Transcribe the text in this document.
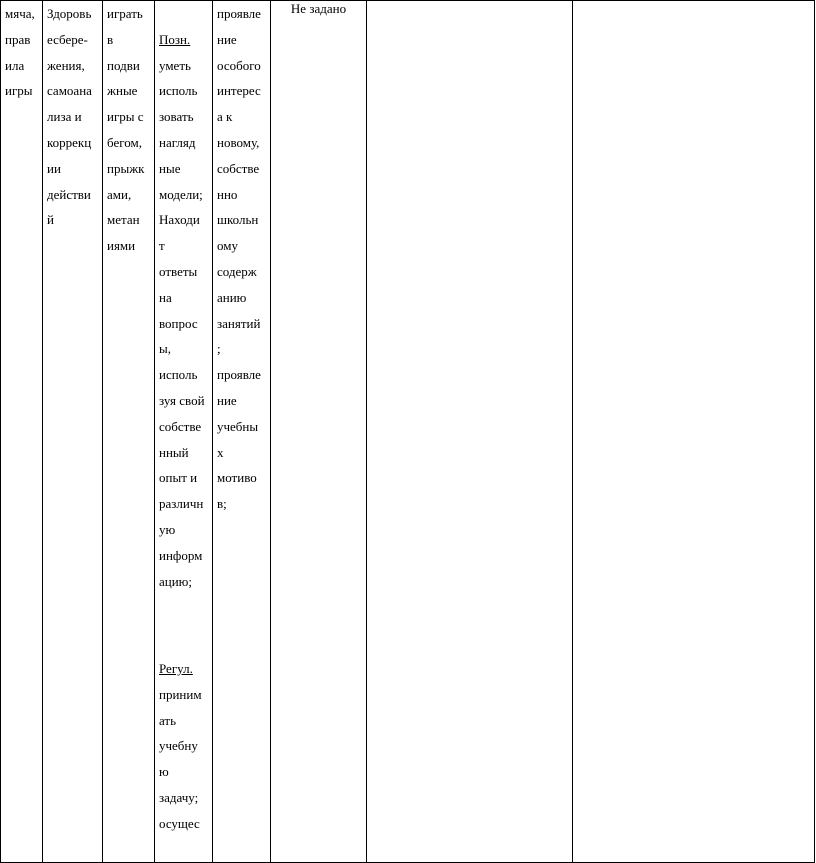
мяча,
прав
ила
игры

Здоровь
есбере-
жения,
самоана
лиза и
коррекц
ии
действи
й

играть
в
подви
жные
игры с
бегом,
прыжк
ами,
метан
иями

Позн.

уметь
исполь
зовать
нагляд
ные
модели;
Находи
т
ответы
на
вопрос
ы,
исполь
зуя свой
собстве
нный
опыт и
различн
ую
информ
ацию;

Регул.

приним
ать
учебну
ю
задачу;
осущес

проявле
ние
особого
интерес
а к
новому,
собстве
нно
школьн
ому
содерж
анию
занятий
;
проявле
ние
учебны
х
мотиво
в;

Не задано
